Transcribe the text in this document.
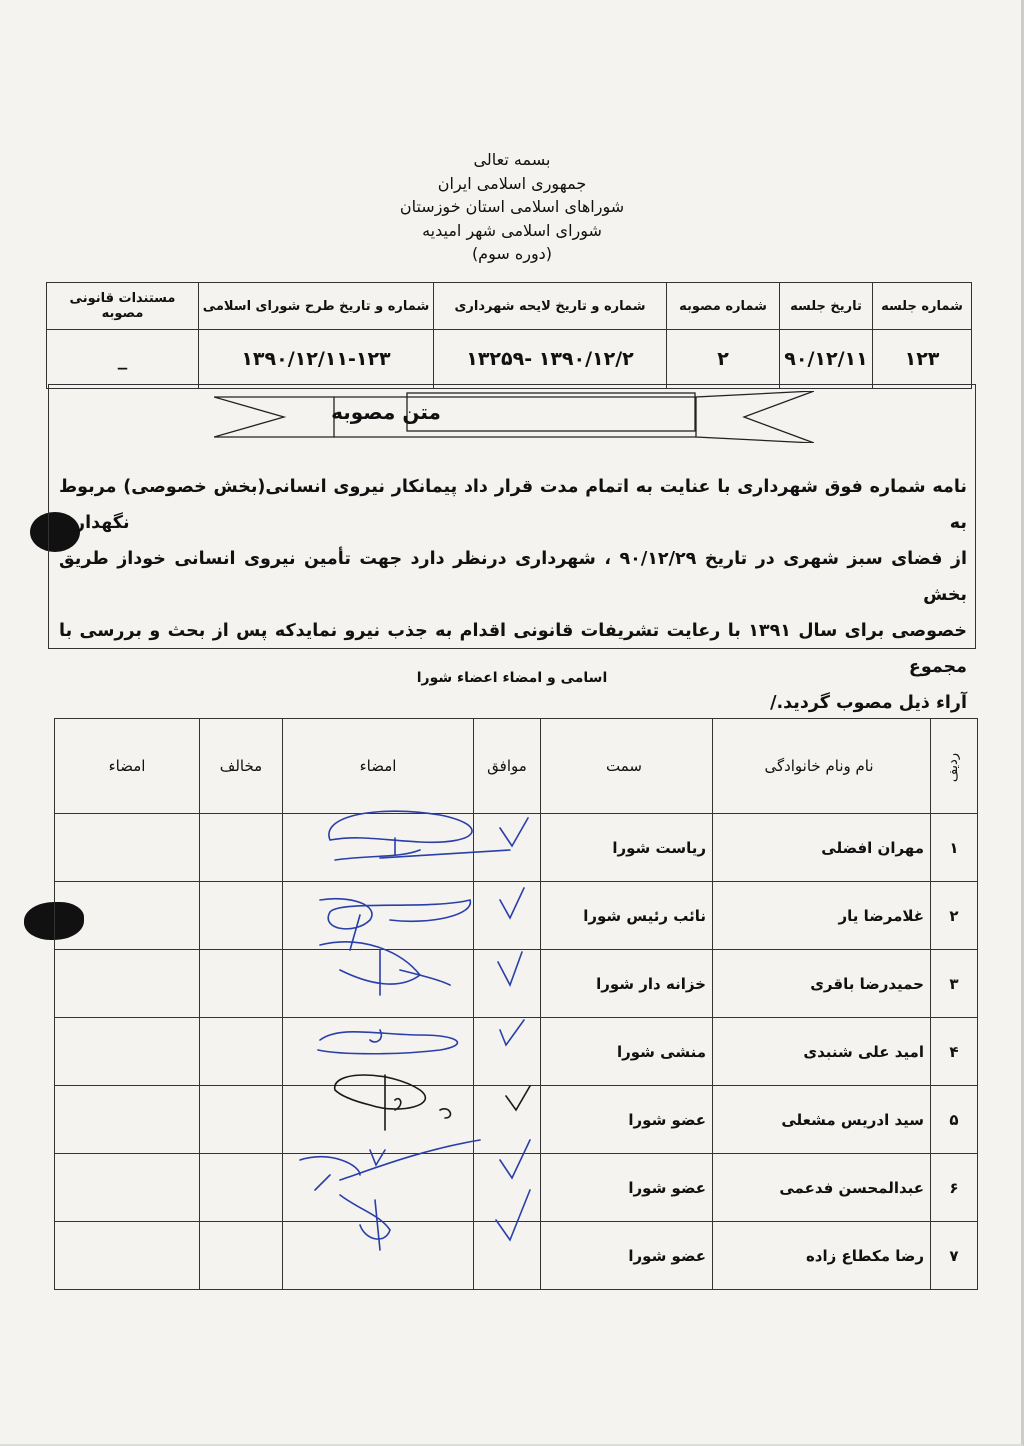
بسمه تعالی
جمهوری اسلامی ایران
شوراهای اسلامی استان خوزستان
شورای اسلامی شهر امیدیه
(دوره سوم)
شماره جلسه	تاریخ جلسه	شماره مصوبه	شماره و تاریخ لایحه شهرداری	شماره و تاریخ طرح شورای اسلامی	مستندات قانونی مصوبه
۱۲۳	۹۰/۱۲/۱۱	۲	۱۳۹۰/۱۲/۲ -۱۳۲۵۹	۱۳۹۰/۱۲/۱۱-۱۲۳	_
متن مصوبه
نامه شماره فوق شهرداری با عنایت به اتمام مدت قرار داد پیمانکار نیروی انسانی(بخش خصوصی) مربوط به نگهداری
از فضای سبز شهری در تاریخ ۹۰/۱۲/۲۹ ، شهرداری درنظر دارد جهت تأمین نیروی انسانی خوداز طریق بخش
خصوصی برای سال ۱۳۹۱ با رعایت تشریفات قانونی اقدام به جذب نیرو نمایدکه پس از بحث و بررسی با مجموع
آراء ذیل مصوب گردید./
اسامی و امضاء اعضاء شورا
ردیف	نام ونام خانوادگی	سمت	موافق	امضاء	مخالف	امضاء
۱	مهران افضلی	ریاست شورا				
۲	غلامرضا یار	نائب رئیس شورا				
۳	حمیدرضا باقری	خزانه دار شورا				
۴	امید علی شنبدی	منشی شورا				
۵	سید ادریس مشعلی	عضو شورا				
۶	عبدالمحسن فدعمی	عضو شورا				
۷	رضا مکطاع زاده	عضو شورا				
